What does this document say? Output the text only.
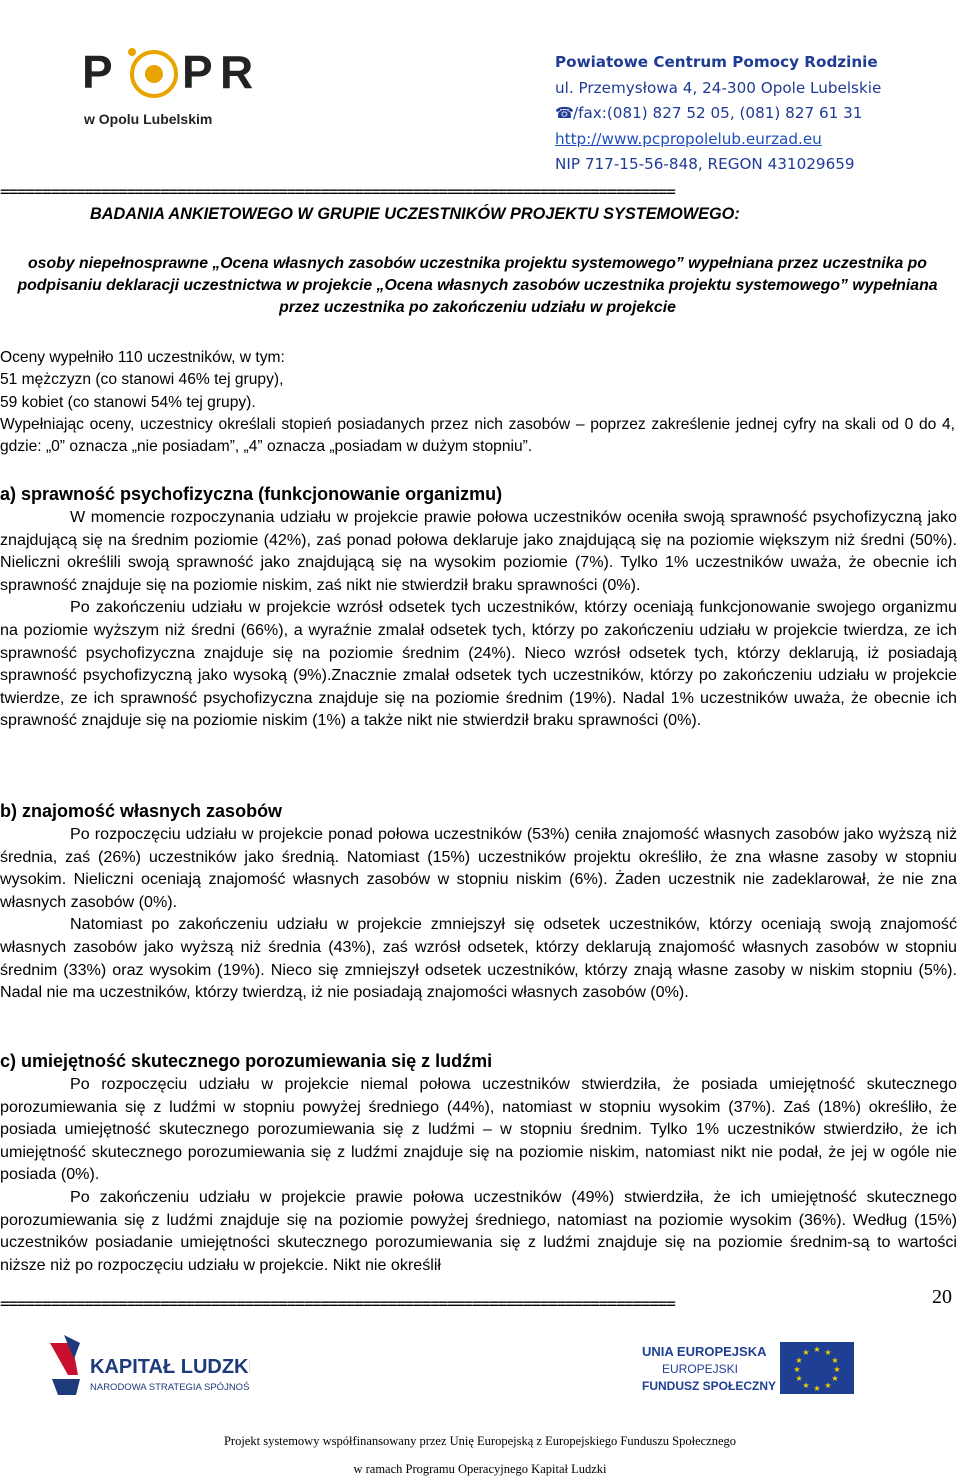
P P R
w Opolu Lubelskim
Powiatowe Centrum Pomocy Rodzinie
ul. Przemysłowa 4, 24-300 Opole Lubelskie
☎/fax:(081) 827 52 05, (081) 827 61 31
http://www.pcpropolelub.eurzad.eu
NIP 717-15-56-848, REGON 431029659
================================================================================
BADANIA ANKIETOWEGO W GRUPIE UCZESTNIKÓW PROJEKTU SYSTEMOWEGO:
osoby niepełnosprawne „Ocena własnych zasobów uczestnika projektu systemowego” wypełniana przez uczestnika po podpisaniu deklaracji uczestnictwa w projekcie „Ocena własnych zasobów uczestnika projektu systemowego” wypełniana przez uczestnika po zakończeniu udziału w projekcie

Oceny wypełniło 110 uczestników, w tym:

51 mężczyzn (co stanowi 46% tej grupy),

59 kobiet (co stanowi 54% tej grupy).

Wypełniając oceny, uczestnicy określali stopień posiadanych przez nich zasobów – poprzez zakreślenie jednej cyfry na skali od 0 do 4, gdzie: „0” oznacza „nie posiadam”, „4” oznacza „posiadam w dużym stopniu”.

a) sprawność psychofizyczna (funkcjonowanie organizmu)

W momencie rozpoczynania udziału w projekcie prawie połowa uczestników oceniła swoją sprawność psychofizyczną jako znajdującą się na średnim poziomie (42%), zaś ponad połowa deklaruje jako znajdującą się na poziomie większym niż średni (50%). Nieliczni określili swoją sprawność jako znajdującą się na wysokim poziomie (7%). Tylko 1% uczestników uważa, że obecnie ich sprawność znajduje się na poziomie niskim, zaś nikt nie stwierdził braku sprawności (0%).

Po zakończeniu udziału w projekcie wzrósł odsetek tych uczestników, którzy oceniają funkcjonowanie swojego organizmu na poziomie wyższym niż średni (66%), a wyraźnie zmalał odsetek tych, którzy po zakończeniu udziału w projekcie twierdza, ze ich sprawność psychofizyczna znajduje się na poziomie średnim (24%). Nieco wzrósł odsetek tych, którzy deklarują, iż posiadają sprawność psychofizyczną jako wysoką (9%).Znacznie zmalał odsetek tych uczestników, którzy po zakończeniu udziału w projekcie twierdze, ze ich sprawność psychofizyczna znajduje się na poziomie średnim (19%). Nadal 1% uczestników uważa, że obecnie ich sprawność znajduje się na poziomie niskim (1%) a także nikt nie stwierdził braku sprawności (0%).

b) znajomość własnych zasobów

Po rozpoczęciu udziału w projekcie ponad połowa uczestników (53%) ceniła znajomość własnych zasobów jako wyższą niż średnia, zaś (26%) uczestników jako średnią. Natomiast (15%) uczestników projektu określiło, że zna własne zasoby w stopniu wysokim. Nieliczni oceniają znajomość własnych zasobów w stopniu niskim (6%). Żaden uczestnik nie zadeklarował, że nie zna własnych zasobów (0%).

Natomiast po zakończeniu udziału w projekcie zmniejszył się odsetek uczestników, którzy oceniają swoją znajomość własnych zasobów jako wyższą niż średnia (43%), zaś wzrósł odsetek, którzy deklarują znajomość własnych zasobów w stopniu średnim (33%) oraz wysokim (19%). Nieco się zmniejszył odsetek uczestników, którzy znają własne zasoby w niskim stopniu (5%). Nadal nie ma uczestników, którzy twierdzą, iż nie posiadają znajomości własnych zasobów (0%).

c) umiejętność skutecznego porozumiewania się z ludźmi

Po rozpoczęciu udziału w projekcie niemal połowa uczestników stwierdziła, że posiada umiejętność skutecznego porozumiewania się z ludźmi w stopniu powyżej średniego (44%), natomiast w stopniu wysokim (37%). Zaś (18%) określiło, że posiada umiejętność skutecznego porozumiewania się z ludźmi – w stopniu średnim. Tylko 1% uczestników stwierdziło, że ich umiejętność skutecznego porozumiewania się z ludźmi znajduje się na poziomie niskim, natomiast nikt nie podał, że jej w ogóle nie posiada (0%).

Po zakończeniu udziału w projekcie prawie połowa uczestników (49%) stwierdziła, że ich umiejętność skutecznego porozumiewania się z ludźmi znajduje się na poziomie powyżej średniego, natomiast na poziomie wysokim (36%). Według (15%) uczestników posiadanie umiejętności skutecznego porozumiewania się z ludźmi znajduje się na poziomie średnim-są to wartości niższe niż po rozpoczęciu udziału w projekcie. Nikt nie określił

================================================================================	20
KAPITAŁ LUDZKI
NARODOWA STRATEGIA SPÓJNOŚCI
UNIA EUROPEJSKA
EUROPEJSKI
FUNDUSZ SPOŁECZNY
★ ★
★
★
★
★
★
★
★
★
★
★
Projekt systemowy współfinansowany przez Unię Europejską z Europejskiego Funduszu Społecznego
w ramach Programu Operacyjnego Kapitał Ludzki
